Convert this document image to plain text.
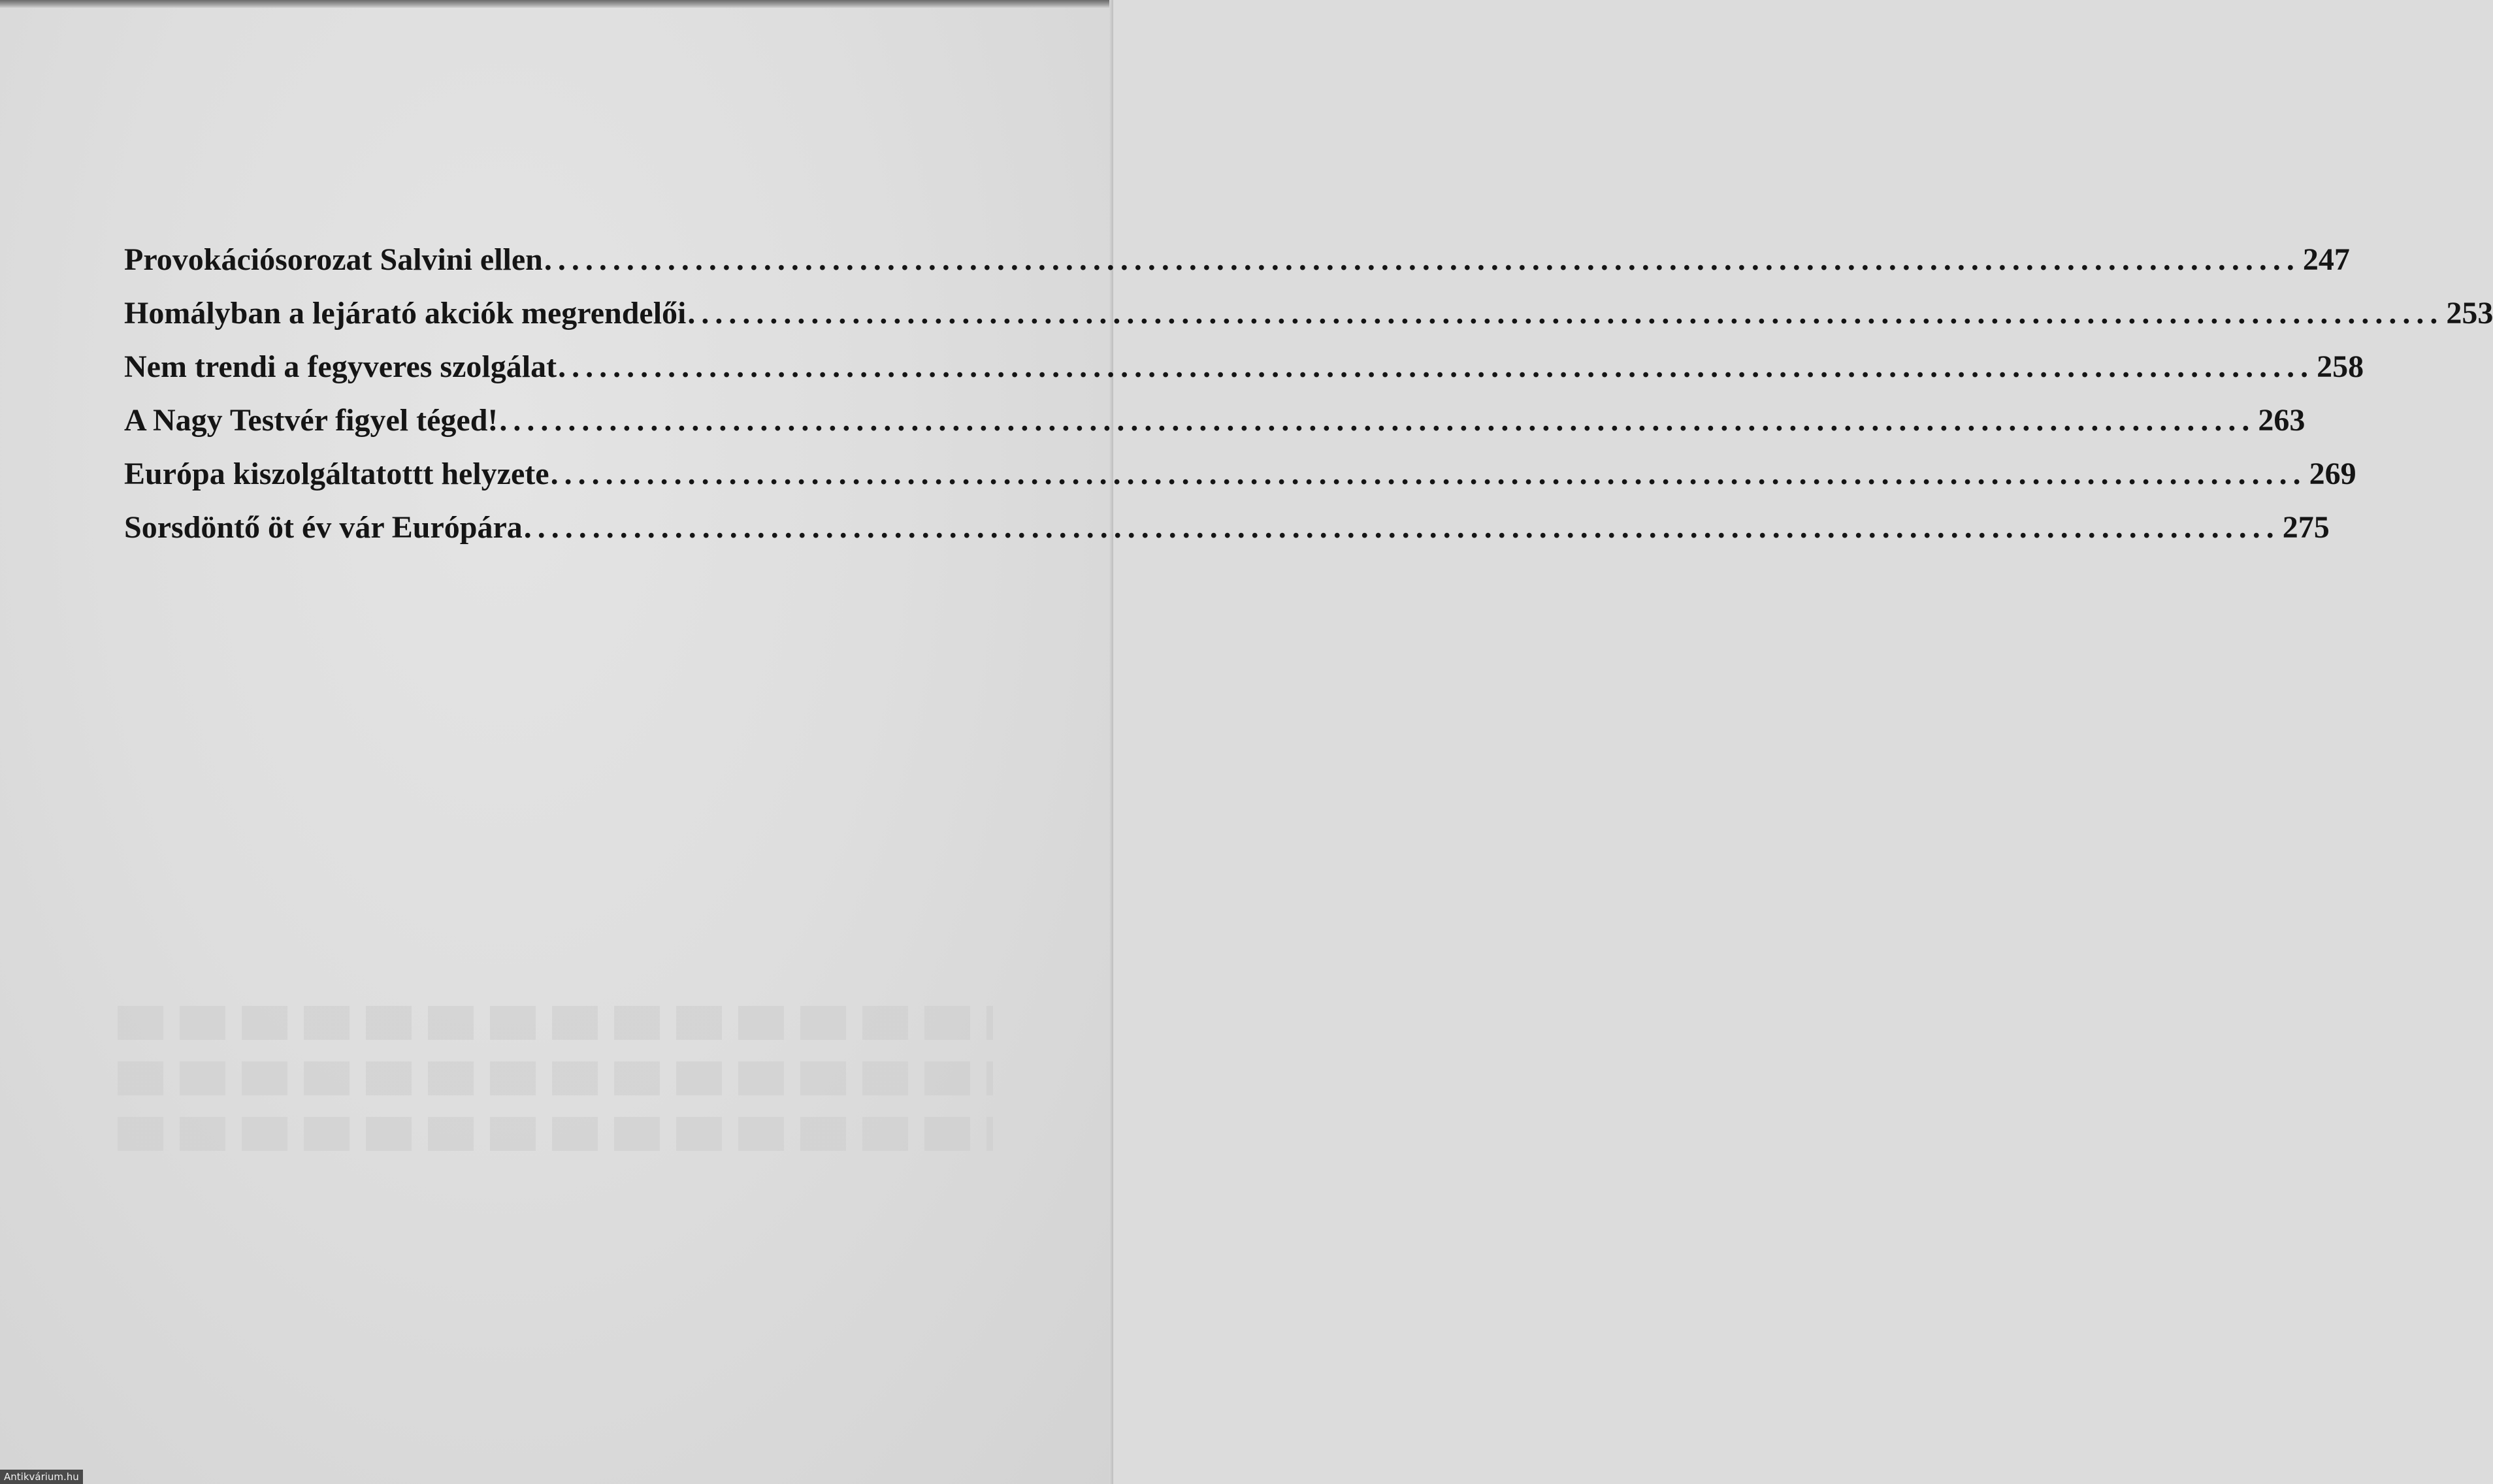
Provokációsorozat Salvini ellen ................................................................................................................................ 247
Homályban a lejárató akciók megrendelői ................................................................................................................................ 253
Nem trendi a fegyveres szolgálat ................................................................................................................................ 258
A Nagy Testvér figyel téged! ................................................................................................................................ 263
Európa kiszolgáltatottt helyzete ................................................................................................................................ 269
Sorsdöntő öt év vár Európára ................................................................................................................................ 275
Antikvárium.hu
